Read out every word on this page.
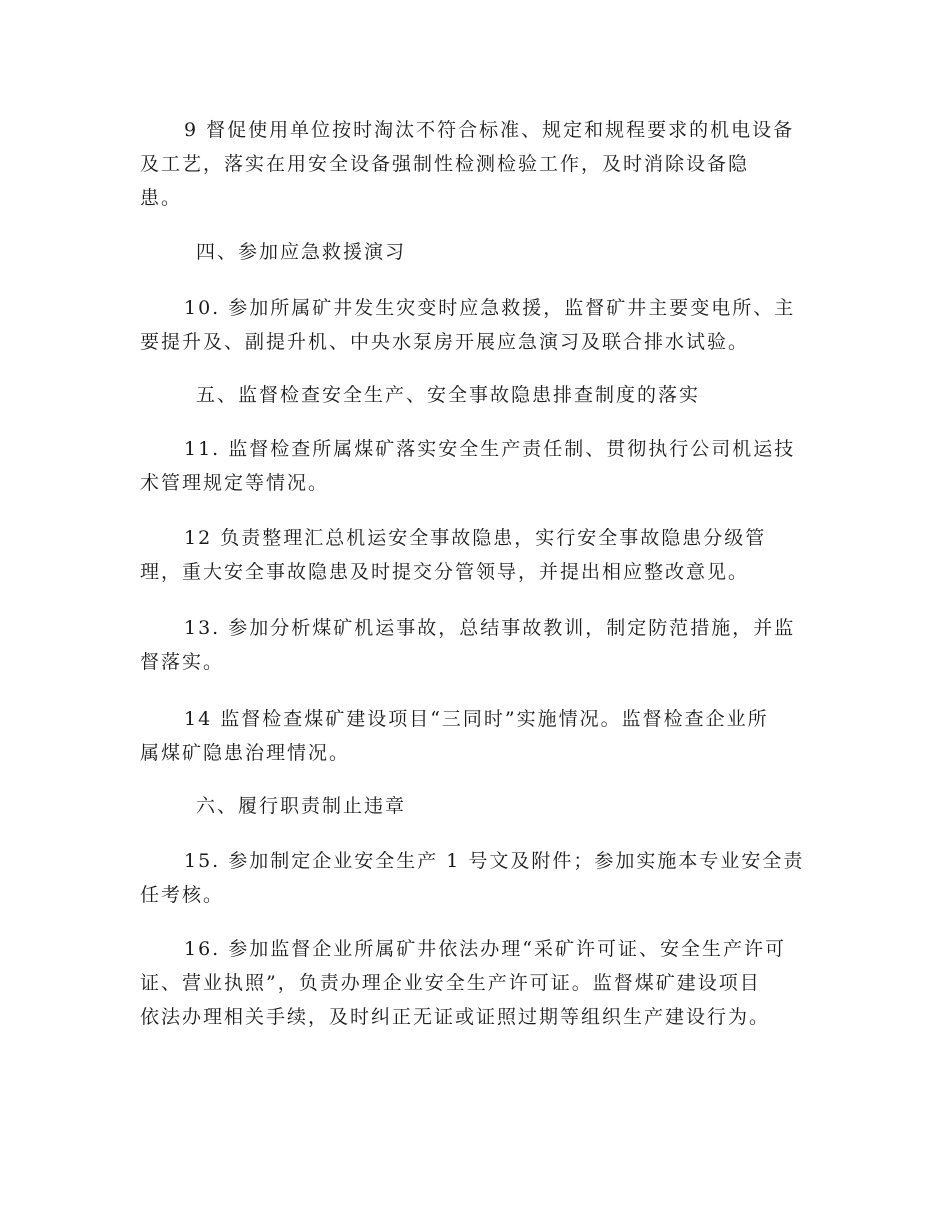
9 督促使用单位按时淘汰不符合标准、规定和规程要求的机电设备
及工艺，落实在用安全设备强制性检测检验工作，及时消除设备隐
患。
四、参加应急救援演习
10. 参加所属矿井发生灾变时应急救援，监督矿井主要变电所、主
要提升及、副提升机、中央水泵房开展应急演习及联合排水试验。
五、监督检查安全生产、安全事故隐患排查制度的落实
11. 监督检查所属煤矿落实安全生产责任制、贯彻执行公司机运技
术管理规定等情况。
12 负责整理汇总机运安全事故隐患，实行安全事故隐患分级管
理，重大安全事故隐患及时提交分管领导，并提出相应整改意见。
13. 参加分析煤矿机运事故，总结事故教训，制定防范措施，并监
督落实。
14 监督检查煤矿建设项目“三同时”实施情况。监督检查企业所
属煤矿隐患治理情况。
六、履行职责制止违章
15. 参加制定企业安全生产 1 号文及附件；参加实施本专业安全责
任考核。
16. 参加监督企业所属矿井依法办理“采矿许可证、安全生产许可
证、营业执照”，负责办理企业安全生产许可证。监督煤矿建设项目
依法办理相关手续，及时纠正无证或证照过期等组织生产建设行为。
